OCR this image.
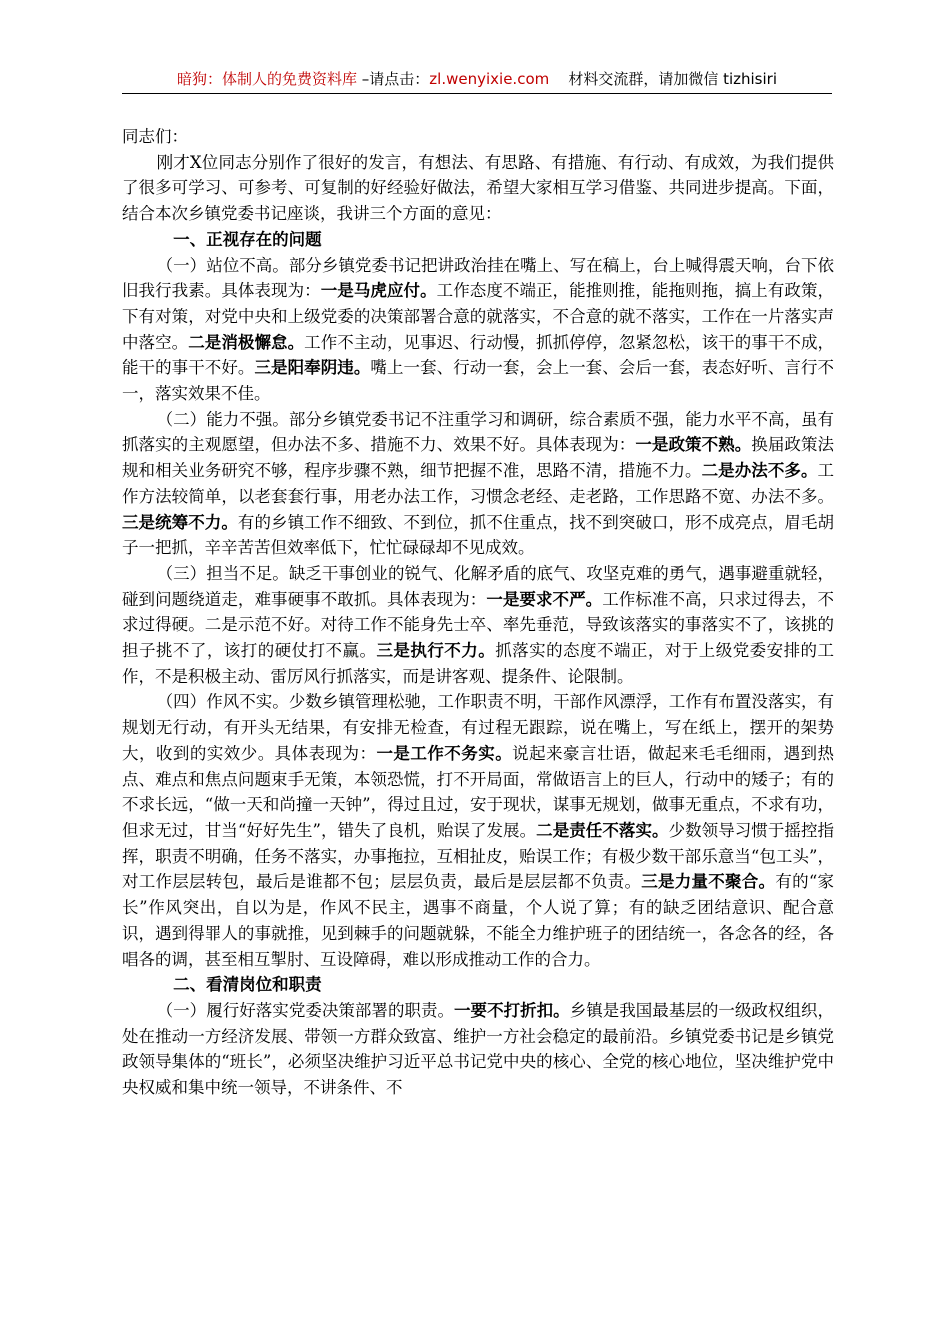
暗狗：体制人的免费资料库 –请点击：zl.wenyixie.com 材料交流群，请加微信 tizhisiri

同志们：

刚才X位同志分别作了很好的发言，有想法、有思路、有措施、有行动、有成效，为我们提供了很多可学习、可参考、可复制的好经验好做法，希望大家相互学习借鉴、共同进步提高。下面，结合本次乡镇党委书记座谈，我讲三个方面的意见：

一、正视存在的问题

（一）站位不高。部分乡镇党委书记把讲政治挂在嘴上、写在稿上，台上喊得震天响，台下依旧我行我素。具体表现为：一是马虎应付。工作态度不端正，能推则推，能拖则拖，搞上有政策，下有对策，对党中央和上级党委的决策部署合意的就落实，不合意的就不落实，工作在一片落实声中落空。二是消极懈怠。工作不主动，见事迟、行动慢，抓抓停停，忽紧忽松，该干的事干不成，能干的事干不好。三是阳奉阴违。嘴上一套、行动一套，会上一套、会后一套，表态好听、言行不一，落实效果不佳。

（二）能力不强。部分乡镇党委书记不注重学习和调研，综合素质不强，能力水平不高，虽有抓落实的主观愿望，但办法不多、措施不力、效果不好。具体表现为：一是政策不熟。换届政策法规和相关业务研究不够，程序步骤不熟，细节把握不准，思路不清，措施不力。二是办法不多。工作方法较简单，以老套套行事，用老办法工作，习惯念老经、走老路，工作思路不宽、办法不多。三是统筹不力。有的乡镇工作不细致、不到位，抓不住重点，找不到突破口，形不成亮点，眉毛胡子一把抓，辛辛苦苦但效率低下，忙忙碌碌却不见成效。

（三）担当不足。缺乏干事创业的锐气、化解矛盾的底气、攻坚克难的勇气，遇事避重就轻，碰到问题绕道走，难事硬事不敢抓。具体表现为：一是要求不严。工作标准不高，只求过得去，不求过得硬。二是示范不好。对待工作不能身先士卒、率先垂范，导致该落实的事落实不了，该挑的担子挑不了，该打的硬仗打不赢。三是执行不力。抓落实的态度不端正，对于上级党委安排的工作，不是积极主动、雷厉风行抓落实，而是讲客观、提条件、论限制。

（四）作风不实。少数乡镇管理松驰，工作职责不明，干部作风漂浮，工作有布置没落实，有规划无行动，有开头无结果，有安排无检查，有过程无跟踪，说在嘴上，写在纸上，摆开的架势大，收到的实效少。具体表现为：一是工作不务实。说起来豪言壮语，做起来毛毛细雨，遇到热点、难点和焦点问题束手无策，本领恐慌，打不开局面，常做语言上的巨人，行动中的矮子；有的不求长远，“做一天和尚撞一天钟”，得过且过，安于现状，谋事无规划，做事无重点，不求有功，但求无过，甘当“好好先生”，错失了良机，贻误了发展。二是责任不落实。少数领导习惯于摇控指挥，职责不明确，任务不落实，办事拖拉，互相扯皮，贻误工作；有极少数干部乐意当“包工头”，对工作层层转包，最后是谁都不包；层层负责，最后是层层都不负责。三是力量不聚合。有的“家长”作风突出，自以为是，作风不民主，遇事不商量，个人说了算；有的缺乏团结意识、配合意识，遇到得罪人的事就推，见到棘手的问题就躲，不能全力维护班子的团结统一，各念各的经，各唱各的调，甚至相互掣肘、互设障碍，难以形成推动工作的合力。

二、看清岗位和职责

（一）履行好落实党委决策部署的职责。一要不打折扣。乡镇是我国最基层的一级政权组织，处在推动一方经济发展、带领一方群众致富、维护一方社会稳定的最前沿。乡镇党委书记是乡镇党政领导集体的“班长”，必须坚决维护习近平总书记党中央的核心、全党的核心地位，坚决维护党中央权威和集中统一领导，不讲条件、不
